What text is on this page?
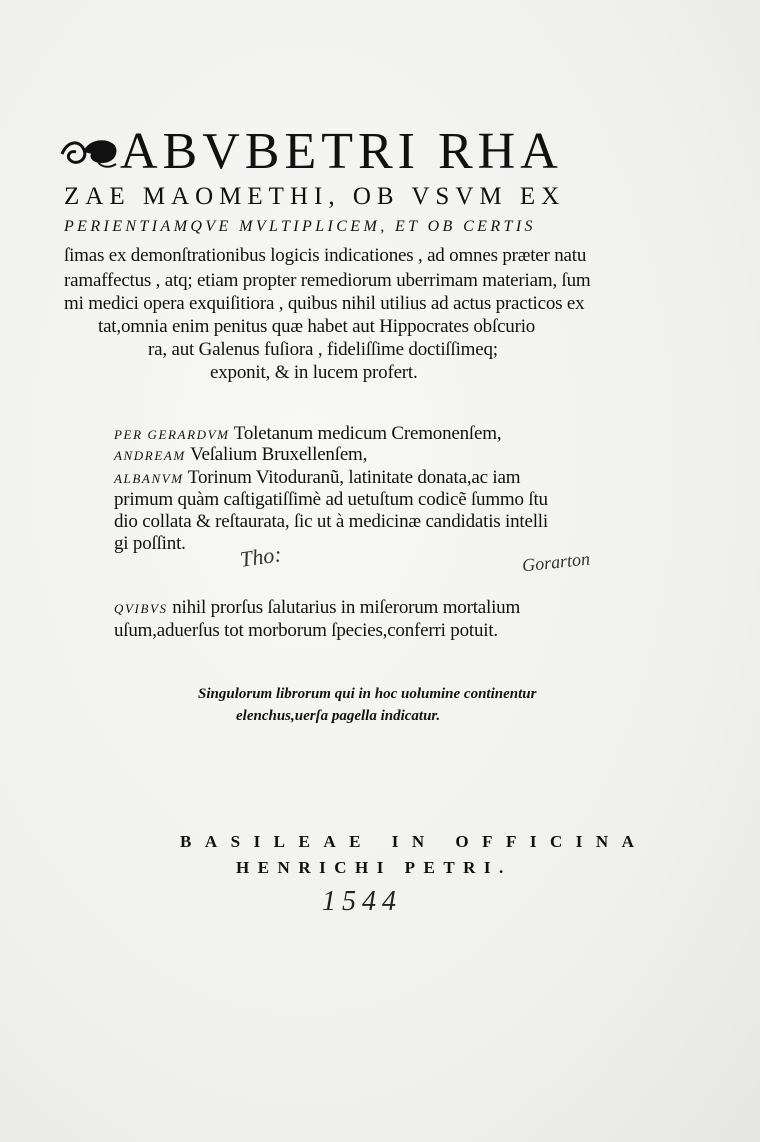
ABVBETRI RHA
ZAE MAOMETHI, OB VSVM EX
PERIENTIAMQVE MVLTIPLICEM, ET OB CERTIS
ſimas ex demonſtrationibus logicis indicationes , ad omnes præter natu
ramaffectus , atq; etiam propter remediorum uberrimam materiam, ſum
mi medici opera exquiſitiora , quibus nihil utilius ad actus practicos ex
tat,omnia enim penitus quæ habet aut Hippocrates obſcurio
ra, aut Galenus fuſiora , fideliſſime doctiſſimeq;
exponit, & in lucem profert.
PER GERARDVM Toletanum medicum Cremonenſem,
ANDREAM Veſalium Bruxellenſem,
ALBANVM Torinum Vitoduranũ, latinitate donata,ac iam
primum quàm caſtigatiſſimè ad uetuſtum codicẽ ſummo ſtu
dio collata & reſtaurata, ſic ut à medicinæ candidatis intelli
gi poſſint. Tho:	Gorarton
QVIBVS nihil prorſus ſalutarius in miſerorum mortalium
uſum,aduerſus tot morborum ſpecies,conferri potuit.
Singulorum librorum qui in hoc uolumine continentur
elenchus,uerſa pagella indicatur.
BASILEAE IN OFFICINA
HENRICHI PETRI.
1544
